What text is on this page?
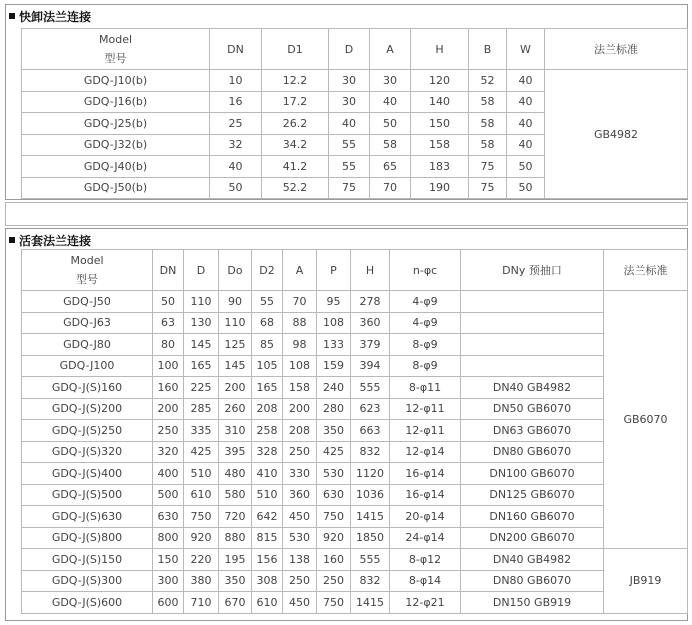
快卸法兰连接
Model
型号	DN	D1	D	A	H	B	W	法兰标准
GDQ-J10(b)	10	12.2	30	30	120	52	40	GB4982
GDQ-J16(b)	16	17.2	30	40	140	58	40	
GDQ-J25(b)	25	26.2	40	50	150	58	40	
GDQ-J32(b)	32	34.2	55	58	158	58	40	
GDQ-J40(b)	40	41.2	55	65	183	75	50	
GDQ-J50(b)	50	52.2	75	70	190	75	50	
活套法兰连接
Model
型号	DN	D	Do	D2	A	P	H	n-φc	DNy 预抽口	法兰标准
GDQ-J50	50	110	90	55	70	95	278	4-φ9		GB6070
GDQ-J63	63	130	110	68	88	108	360	4-φ9		
GDQ-J80	80	145	125	85	98	133	379	8-φ9		
GDQ-J100	100	165	145	105	108	159	394	8-φ9		
GDQ-J(S)160	160	225	200	165	158	240	555	8-φ11	DN40 GB4982	
GDQ-J(S)200	200	285	260	208	200	280	623	12-φ11	DN50 GB6070	
GDQ-J(S)250	250	335	310	258	208	350	663	12-φ11	DN63 GB6070	
GDQ-J(S)320	320	425	395	328	250	425	832	12-φ14	DN80 GB6070	
GDQ-J(S)400	400	510	480	410	330	530	1120	16-φ14	DN100 GB6070	
GDQ-J(S)500	500	610	580	510	360	630	1036	16-φ14	DN125 GB6070	
GDQ-J(S)630	630	750	720	642	450	750	1415	20-φ14	DN160 GB6070	
GDQ-J(S)800	800	920	880	815	530	920	1850	24-φ14	DN200 GB6070	
GDQ-J(S)150	150	220	195	156	138	160	555	8-φ12	DN40 GB4982	JB919
GDQ-J(S)300	300	380	350	308	250	250	832	8-φ14	DN80 GB6070	
GDQ-J(S)600	600	710	670	610	450	750	1415	12-φ21	DN150 GB919	
